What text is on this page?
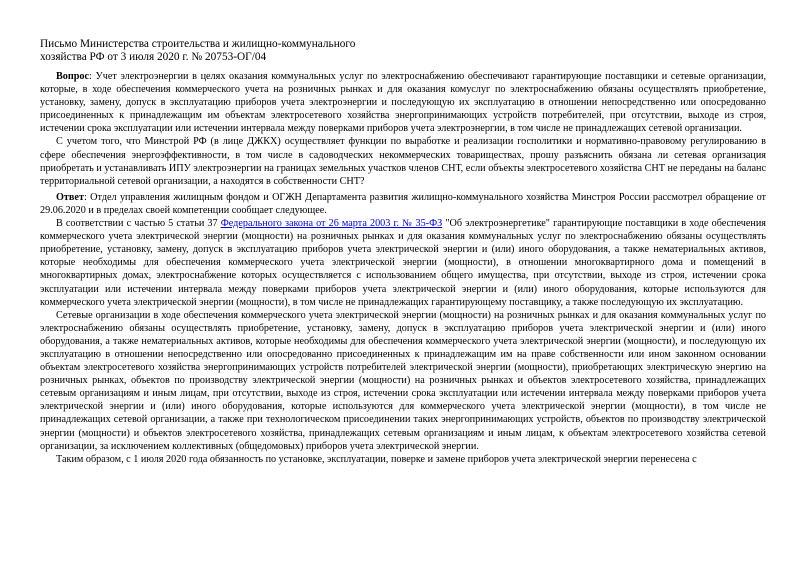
Письмо Министерства строительства и жилищно-коммунального
хозяйства РФ от 3 июля 2020 г. № 20753-ОГ/04

Вопрос: Учет электроэнергии в целях оказания коммунальных услуг по электроснабжению обеспечивают гарантирующие поставщики и сетевые организации, которые, в ходе обеспечения коммерческого учета на розничных рынках и для оказания комуслуг по электроснабжению обязаны осуществлять приобретение, установку, замену, допуск в эксплуатацию приборов учета электроэнергии и последующую их эксплуатацию в отношении непосредственно или опосредованно присоединенных к принадлежащим им объектам электросетевого хозяйства энергопринимающих устройств потребителей, при отсутствии, выходе из строя, истечении срока эксплуатации или истечении интервала между поверками приборов учета электроэнергии, в том числе не принадлежащих сетевой организации.

С учетом того, что Минстрой РФ (в лице ДЖКХ) осуществляет функции по выработке и реализации госполитики и нормативно-правовому регулированию в сфере обеспечения энергоэффективности, в том числе в садоводческих некоммерческих товариществах, прошу разъяснить обязана ли сетевая организация приобретать и устанавливать ИПУ электроэнергии на границах земельных участков членов СНТ, если объекты электросетевого хозяйства СНТ не переданы на баланс территориальной сетевой организации, а находятся в собственности СНТ?

Ответ: Отдел управления жилищным фондом и ОГЖН Департамента развития жилищно-коммунального хозяйства Минстроя России рассмотрел обращение от 29.06.2020 и в пределах своей компетенции сообщает следующее.

В соответствии с частью 5 статьи 37 Федерального закона от 26 марта 2003 г. № 35-ФЗ "Об электроэнергетике" гарантирующие поставщики в ходе обеспечения коммерческого учета электрической энергии (мощности) на розничных рынках и для оказания коммунальных услуг по электроснабжению обязаны осуществлять приобретение, установку, замену, допуск в эксплуатацию приборов учета электрической энергии и (или) иного оборудования, а также нематериальных активов, которые необходимы для обеспечения коммерческого учета электрической энергии (мощности), в отношении многоквартирного дома и помещений в многоквартирных домах, электроснабжение которых осуществляется с использованием общего имущества, при отсутствии, выходе из строя, истечении срока эксплуатации или истечении интервала между поверками приборов учета электрической энергии и (или) иного оборудования, которые используются для коммерческого учета электрической энергии (мощности), в том числе не принадлежащих гарантирующему поставщику, а также последующую их эксплуатацию.

Сетевые организации в ходе обеспечения коммерческого учета электрической энергии (мощности) на розничных рынках и для оказания коммунальных услуг по электроснабжению обязаны осуществлять приобретение, установку, замену, допуск в эксплуатацию приборов учета электрической энергии и (или) иного оборудования, а также нематериальных активов, которые необходимы для обеспечения коммерческого учета электрической энергии (мощности), и последующую их эксплуатацию в отношении непосредственно или опосредованно присоединенных к принадлежащим им на праве собственности или ином законном основании объектам электросетевого хозяйства энергопринимающих устройств потребителей электрической энергии (мощности), приобретающих электрическую энергию на розничных рынках, объектов по производству электрической энергии (мощности) на розничных рынках и объектов электросетевого хозяйства, принадлежащих сетевым организациям и иным лицам, при отсутствии, выходе из строя, истечении срока эксплуатации или истечении интервала между поверками приборов учета электрической энергии и (или) иного оборудования, которые используются для коммерческого учета электрической энергии (мощности), в том числе не принадлежащих сетевой организации, а также при технологическом присоединении таких энергопринимающих устройств, объектов по производству электрической энергии (мощности) и объектов электросетевого хозяйства, принадлежащих сетевым организациям и иным лицам, к объектам электросетевого хозяйства сетевой организации, за исключением коллективных (общедомовых) приборов учета электрической энергии.

Таким образом, с 1 июля 2020 года обязанность по установке, эксплуатации, поверке и замене приборов учета электрической энергии перенесена с
